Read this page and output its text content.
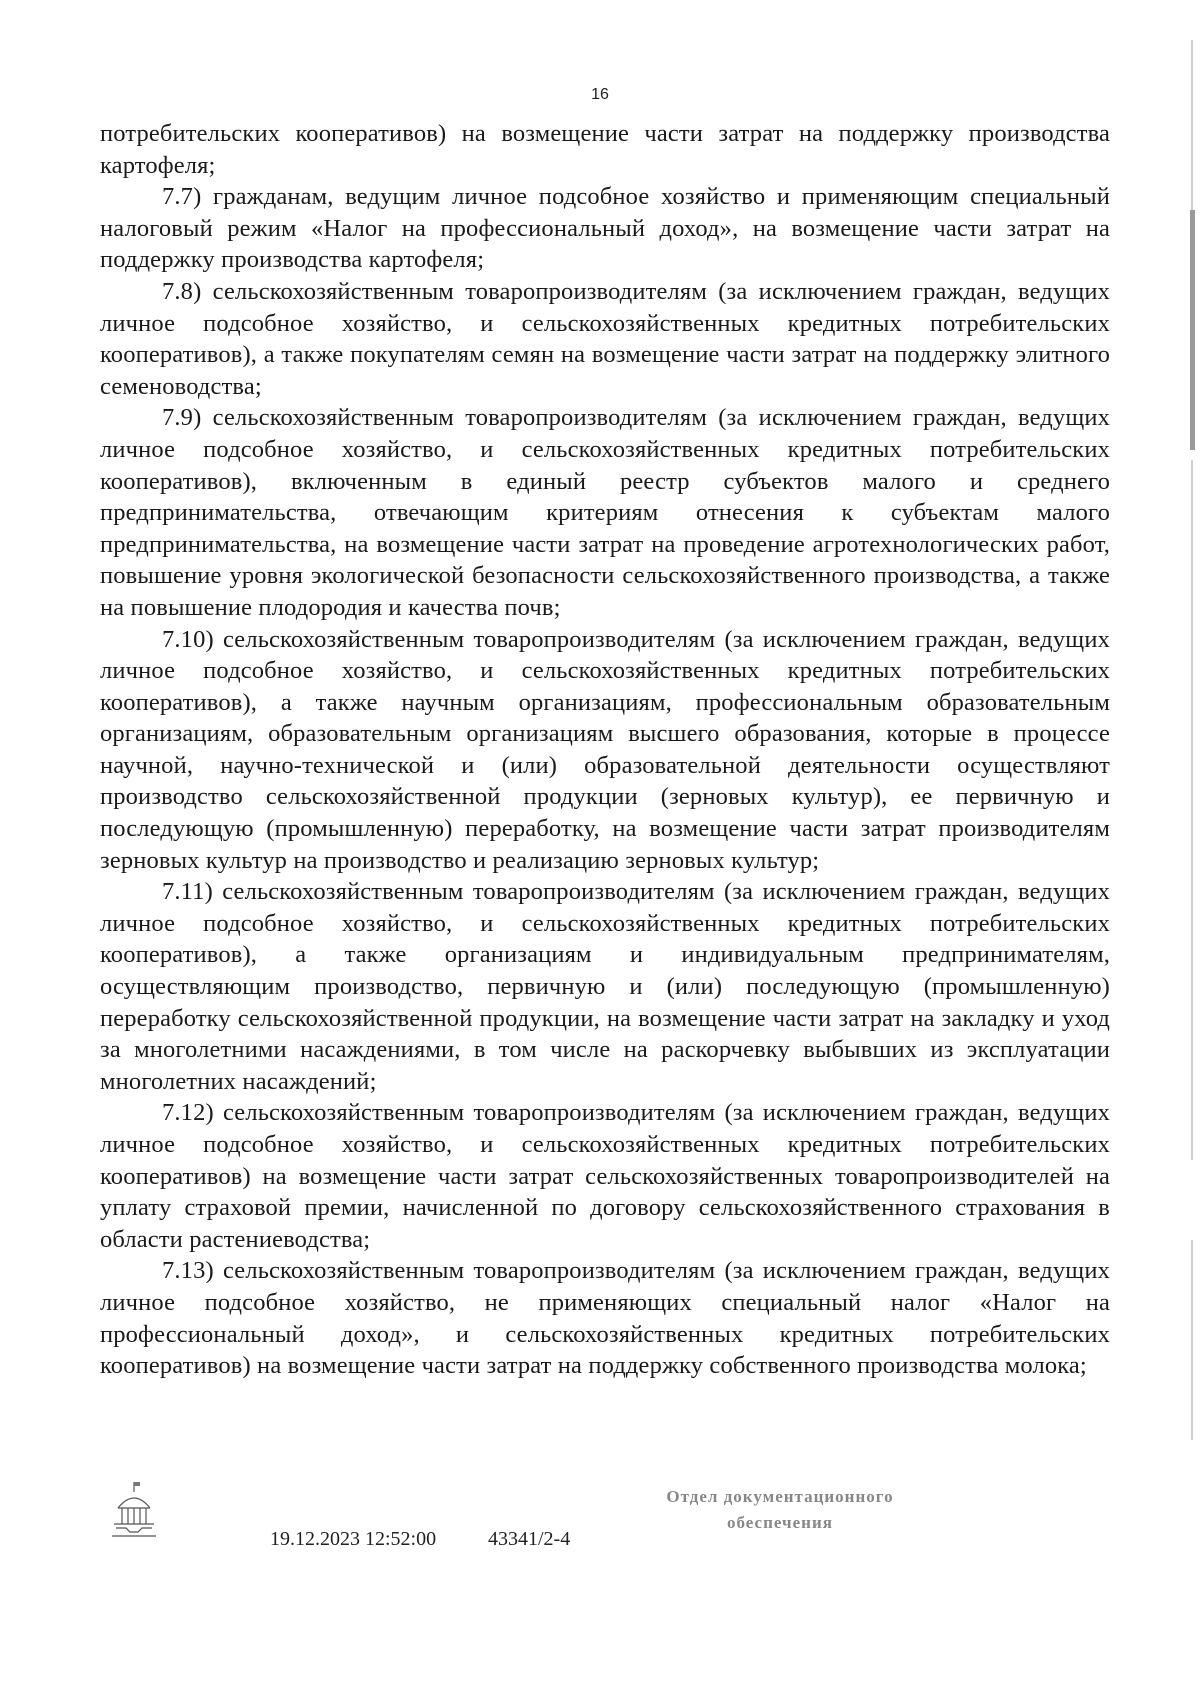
16

потребительских кооперативов) на возмещение части затрат на поддержку производства картофеля;

7.7) гражданам, ведущим личное подсобное хозяйство и применяющим специальный налоговый режим «Налог на профессиональный доход», на возмещение части затрат на поддержку производства картофеля;

7.8) сельскохозяйственным товаропроизводителям (за исключением граждан, ведущих личное подсобное хозяйство, и сельскохозяйственных кредитных потребительских кооперативов), а также покупателям семян на возмещение части затрат на поддержку элитного семеноводства;

7.9) сельскохозяйственным товаропроизводителям (за исключением граждан, ведущих личное подсобное хозяйство, и сельскохозяйственных кредитных потребительских кооперативов), включенным в единый реестр субъектов малого и среднего предпринимательства, отвечающим критериям отнесения к субъектам малого предпринимательства, на возмещение части затрат на проведение агротехнологических работ, повышение уровня экологической безопасности сельскохозяйственного производства, а также на повышение плодородия и качества почв;

7.10) сельскохозяйственным товаропроизводителям (за исключением граждан, ведущих личное подсобное хозяйство, и сельскохозяйственных кредитных потребительских кооперативов), а также научным организациям, профессиональным образовательным организациям, образовательным организациям высшего образования, которые в процессе научной, научно-технической и (или) образовательной деятельности осуществляют производство сельскохозяйственной продукции (зерновых культур), ее первичную и последующую (промышленную) переработку, на возмещение части затрат производителям зерновых культур на производство и реализацию зерновых культур;

7.11) сельскохозяйственным товаропроизводителям (за исключением граждан, ведущих личное подсобное хозяйство, и сельскохозяйственных кредитных потребительских кооперативов), а также организациям и индивидуальным предпринимателям, осуществляющим производство, первичную и (или) последующую (промышленную) переработку сельскохозяйственной продукции, на возмещение части затрат на закладку и уход за многолетними насаждениями, в том числе на раскорчевку выбывших из эксплуатации многолетних насаждений;

7.12) сельскохозяйственным товаропроизводителям (за исключением граждан, ведущих личное подсобное хозяйство, и сельскохозяйственных кредитных потребительских кооперативов) на возмещение части затрат сельскохозяйственных товаропроизводителей на уплату страховой премии, начисленной по договору сельскохозяйственного страхования в области растениеводства;

7.13) сельскохозяйственным товаропроизводителям (за исключением граждан, ведущих личное подсобное хозяйство, не применяющих специальный налог «Налог на профессиональный доход», и сельскохозяйственных кредитных потребительских кооперативов) на возмещение части затрат на поддержку собственного производства молока;

19.12.2023 12:52:00	43341/2-4
Отдел документационного
обеспечения
